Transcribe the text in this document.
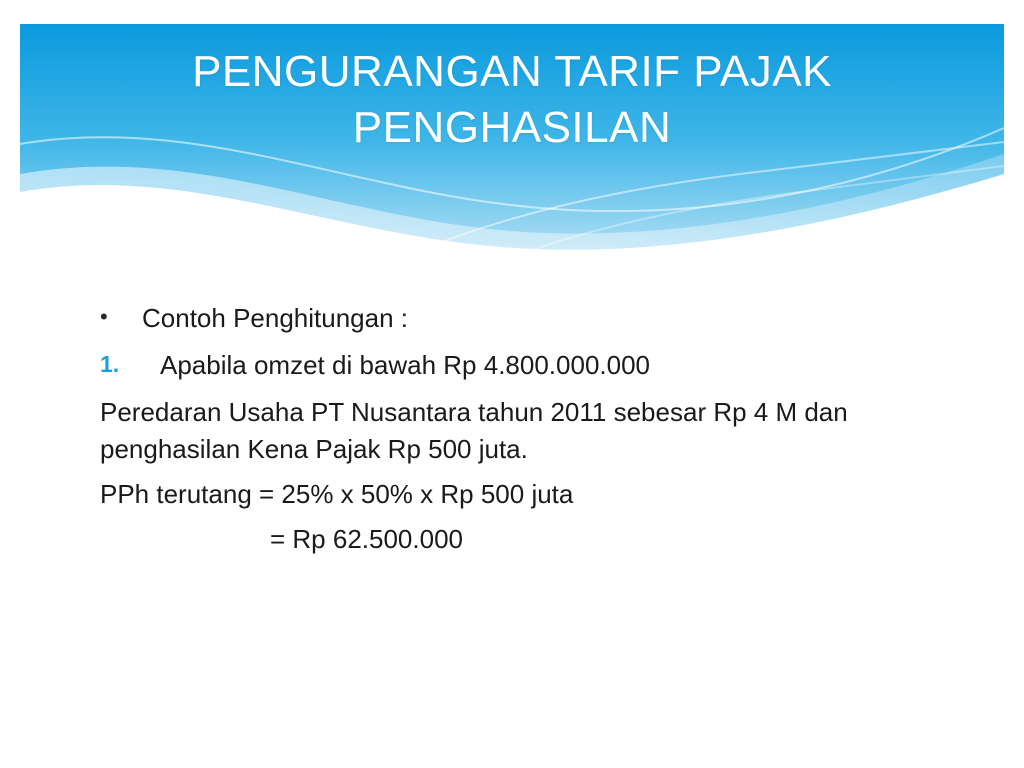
PENGURANGAN TARIF PAJAK PENGHASILAN
•	Contoh Penghitungan :
1.	Apabila omzet di bawah Rp 4.800.000.000

Peredaran Usaha PT Nusantara tahun 2011 sebesar Rp 4 M dan penghasilan Kena Pajak Rp 500 juta.

PPh terutang = 25% x 50% x Rp 500 juta

= Rp 62.500.000
